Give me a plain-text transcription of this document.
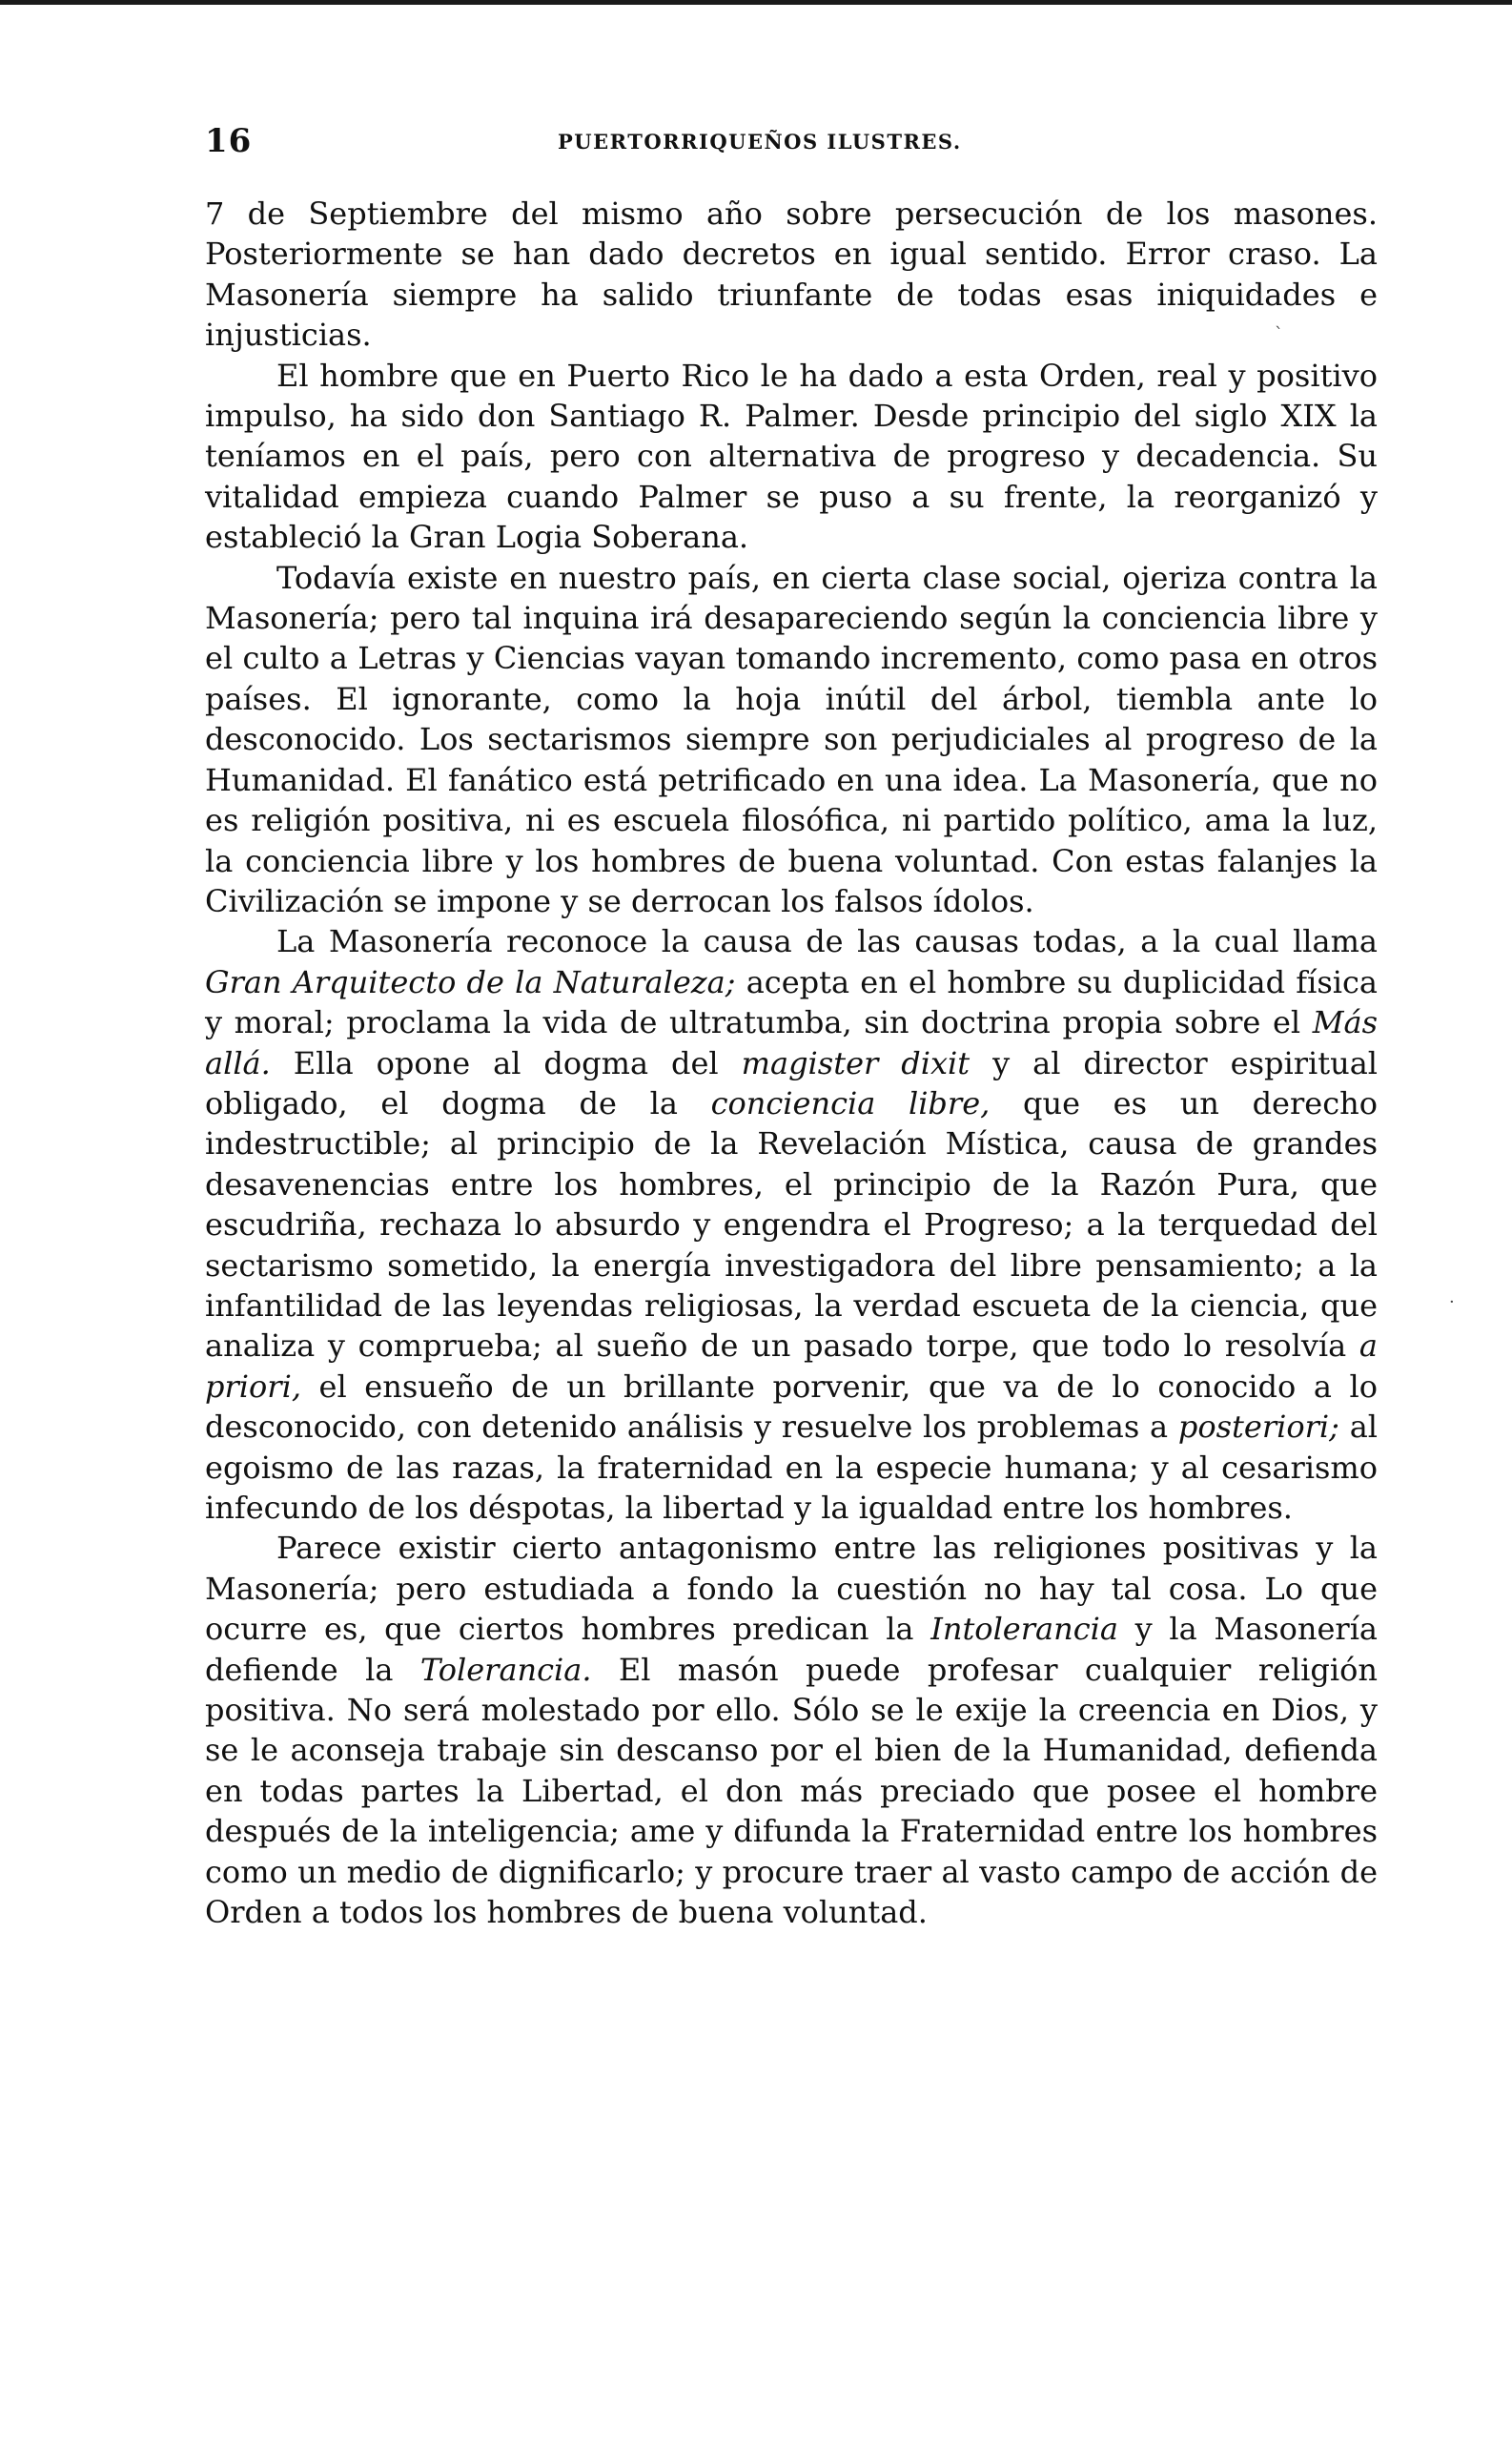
16	PUERTORRIQUEÑOS ILUSTRES.

7 de Septiembre del mismo año sobre persecución de los masones. Posteriormente se han dado decretos en igual sentido. Error craso. La Masonería siempre ha salido triunfante de todas esas iniquidades e injusticias.

El hombre que en Puerto Rico le ha dado a esta Orden, real y positivo impulso, ha sido don Santiago R. Palmer. Desde principio del siglo XIX la teníamos en el país, pero con alternativa de progreso y decadencia. Su vitalidad empieza cuando Palmer se puso a su frente, la reorganizó y estableció la Gran Logia Soberana.

Todavía existe en nuestro país, en cierta clase social, ojeriza contra la Masonería; pero tal inquina irá desapareciendo según la conciencia libre y el culto a Letras y Ciencias vayan tomando incremento, como pasa en otros países. El ignorante, como la hoja inútil del árbol, tiembla ante lo desconocido. Los sectarismos siempre son perjudiciales al progreso de la Humanidad. El fanático está petrificado en una idea. La Masonería, que no es religión positiva, ni es escuela filosófica, ni partido político, ama la luz, la conciencia libre y los hombres de buena voluntad. Con estas falanjes la Civilización se impone y se derrocan los falsos ídolos.

La Masonería reconoce la causa de las causas todas, a la cual llama Gran Arquitecto de la Naturaleza; acepta en el hombre su duplicidad física y moral; proclama la vida de ultratumba, sin doctrina propia sobre el Más allá. Ella opone al dogma del magister dixit y al director espiritual obligado, el dogma de la conciencia libre, que es un derecho indestructible; al principio de la Revelación Mística, causa de grandes desavenencias entre los hombres, el principio de la Razón Pura, que escudriña, rechaza lo absurdo y engendra el Progreso; a la terquedad del sectarismo sometido, la energía investigadora del libre pensamiento; a la infantilidad de las leyendas religiosas, la verdad escueta de la ciencia, que analiza y comprueba; al sueño de un pasado torpe, que todo lo resolvía a priori, el ensueño de un brillante porvenir, que va de lo conocido a lo desconocido, con detenido análisis y resuelve los problemas a posteriori; al egoismo de las razas, la fraternidad en la especie humana; y al cesarismo infecundo de los déspotas, la libertad y la igualdad entre los hombres.

Parece existir cierto antagonismo entre las religiones positivas y la Masonería; pero estudiada a fondo la cuestión no hay tal cosa. Lo que ocurre es, que ciertos hombres predican la Intolerancia y la Masonería defiende la Tolerancia. El masón puede profesar cualquier religión positiva. No será molestado por ello. Sólo se le exije la creencia en Dios, y se le aconseja trabaje sin descanso por el bien de la Humanidad, defienda en todas partes la Libertad, el don más preciado que posee el hombre después de la inteligencia; ame y difunda la Fraternidad entre los hombres como un medio de dignificarlo; y procure traer al vasto campo de acción de Orden a todos los hombres de buena voluntad.

ˋ
·
